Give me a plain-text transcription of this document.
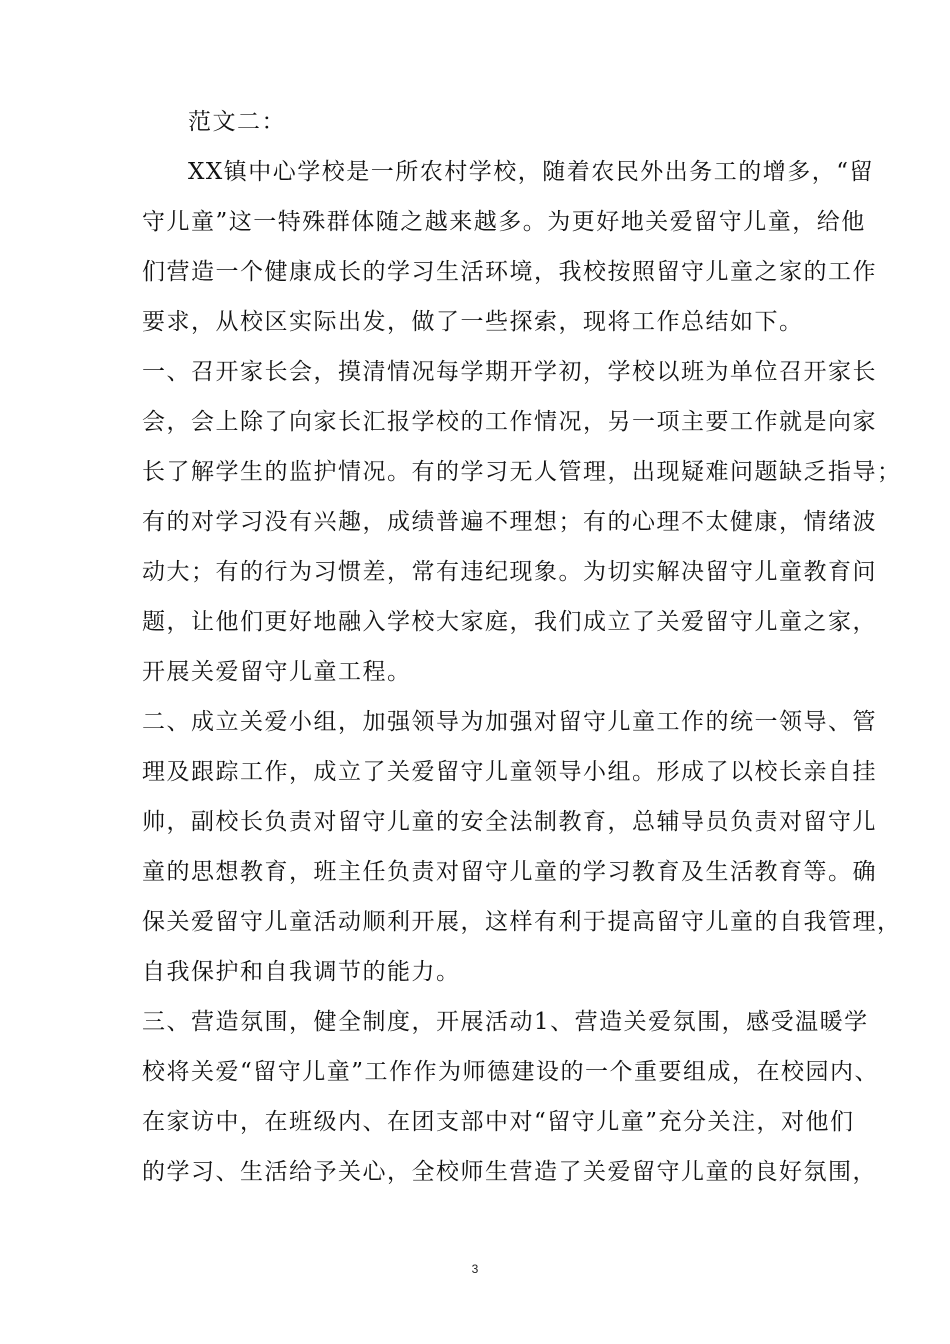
范文二：
XX镇中心学校是一所农村学校，随着农民外出务工的增多，“留
守儿童”这一特殊群体随之越来越多。为更好地关爱留守儿童，给他
们营造一个健康成长的学习生活环境，我校按照留守儿童之家的工作
要求，从校区实际出发，做了一些探索，现将工作总结如下。
一、召开家长会，摸清情况每学期开学初，学校以班为单位召开家长
会，会上除了向家长汇报学校的工作情况，另一项主要工作就是向家
长了解学生的监护情况。有的学习无人管理，出现疑难问题缺乏指导；
有的对学习没有兴趣，成绩普遍不理想；有的心理不太健康，情绪波
动大；有的行为习惯差，常有违纪现象。为切实解决留守儿童教育问
题，让他们更好地融入学校大家庭，我们成立了关爱留守儿童之家，
开展关爱留守儿童工程。
二、成立关爱小组，加强领导为加强对留守儿童工作的统一领导、管
理及跟踪工作，成立了关爱留守儿童领导小组。形成了以校长亲自挂
帅，副校长负责对留守儿童的安全法制教育，总辅导员负责对留守儿
童的思想教育，班主任负责对留守儿童的学习教育及生活教育等。确
保关爱留守儿童活动顺利开展，这样有利于提高留守儿童的自我管理，
自我保护和自我调节的能力。
三、营造氛围，健全制度，开展活动1、营造关爱氛围，感受温暖学
校将关爱“留守儿童”工作作为师德建设的一个重要组成，在校园内、
在家访中，在班级内、在团支部中对“留守儿童”充分关注，对他们
的学习、生活给予关心，全校师生营造了关爱留守儿童的良好氛围，
3
